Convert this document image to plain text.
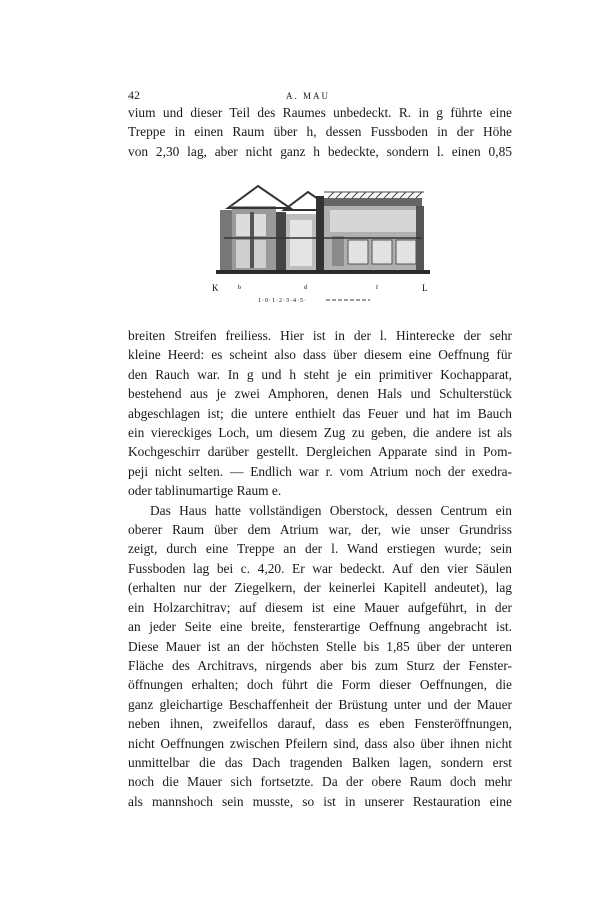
42	A. MAU
vium und dieser Teil des Raumes unbedeckt. R. in g führte eine
Treppe in einen Raum über h, dessen Fussboden in der Höhe
von 2,30 lag, aber nicht ganz h bedeckte, sondern l. einen 0,85
K	b	d	f	L
1·0·1·2·3·4·5·
breiten Streifen freiliess. Hier ist in der l. Hinterecke der sehr
kleine Heerd: es scheint also dass über diesem eine Oeffnung für
den Rauch war. In g und h steht je ein primitiver Kochapparat,
bestehend aus je zwei Amphoren, denen Hals und Schulterstück
abgeschlagen ist; die untere enthielt das Feuer und hat im Bauch
ein viereckiges Loch, um diesem Zug zu geben, die andere ist als
Kochgeschirr darüber gestellt. Dergleichen Apparate sind in Pom-
peji nicht selten. — Endlich war r. vom Atrium noch der exedra-
oder tablinumartige Raum e.
Das Haus hatte vollständigen Oberstock, dessen Centrum ein
oberer Raum über dem Atrium war, der, wie unser Grundriss
zeigt, durch eine Treppe an der l. Wand erstiegen wurde; sein
Fussboden lag bei c. 4,20. Er war bedeckt. Auf den vier Säulen
(erhalten nur der Ziegelkern, der keinerlei Kapitell andeutet), lag
ein Holzarchitrav; auf diesem ist eine Mauer aufgeführt, in der
an jeder Seite eine breite, fensterartige Oeffnung angebracht ist.
Diese Mauer ist an der höchsten Stelle bis 1,85 über der unteren
Fläche des Architravs, nirgends aber bis zum Sturz der Fenster-
öffnungen erhalten; doch führt die Form dieser Oeffnungen, die
ganz gleichartige Beschaffenheit der Brüstung unter und der Mauer
neben ihnen, zweifellos darauf, dass es eben Fensteröffnungen,
nicht Oeffnungen zwischen Pfeilern sind, dass also über ihnen nicht
unmittelbar die das Dach tragenden Balken lagen, sondern erst
noch die Mauer sich fortsetzte. Da der obere Raum doch mehr
als mannshoch sein musste, so ist in unserer Restauration eine
